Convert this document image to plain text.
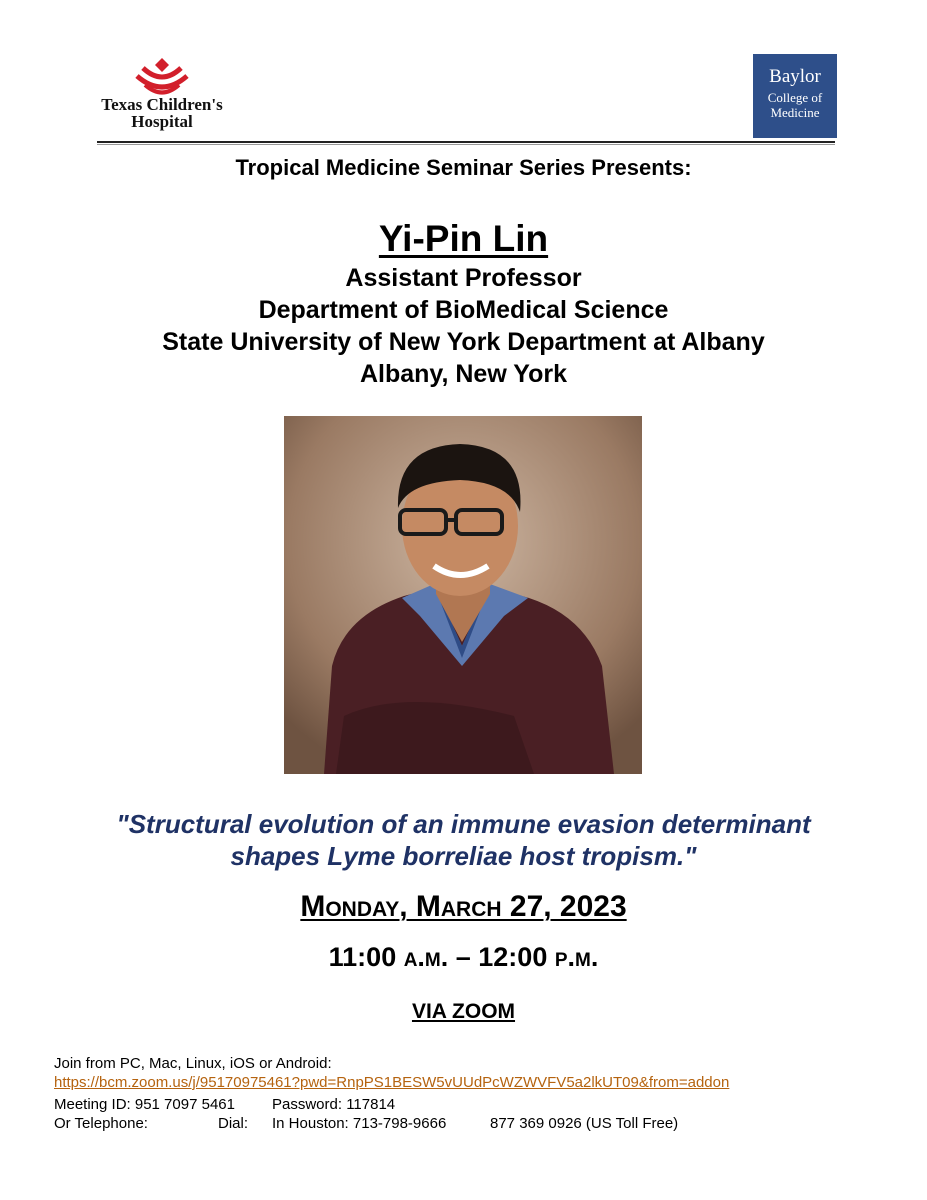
Texas Children's
Hospital
Baylor
College of
Medicine
Tropical Medicine Seminar Series Presents:
Yi-Pin Lin
Assistant Professor
Department of BioMedical Science
State University of New York Department at Albany
Albany, New York
"Structural evolution of an immune evasion determinant
shapes Lyme borreliae host tropism."
Monday, March 27, 2023
11:00 a.m. – 12:00 p.m.
VIA ZOOM
Join from PC, Mac, Linux, iOS or Android:
https://bcm.zoom.us/j/95170975461?pwd=RnpPS1BESW5vUUdPcWZWVFV5a2lkUT09&from=addon
Meeting ID: 951 7097 5461 Password: 117814
Or Telephone:	Dial: In Houston: 713-798-9666	877 369 0926 (US Toll Free)
